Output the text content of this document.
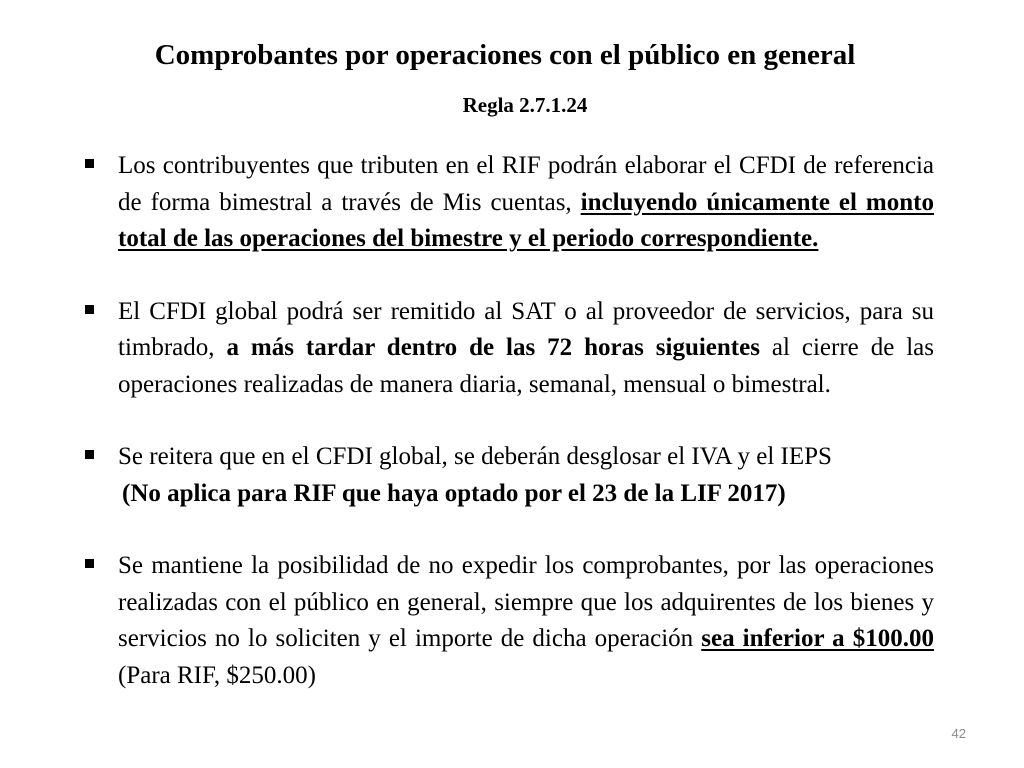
Comprobantes por operaciones con el público en general
Regla 2.7.1.24
Los contribuyentes que tributen en el RIF podrán elaborar el CFDI de referencia de forma bimestral a través de Mis cuentas, incluyendo únicamente el monto total de las operaciones del bimestre y el periodo correspondiente.
El CFDI global podrá ser remitido al SAT o al proveedor de servicios, para su timbrado, a más tardar dentro de las 72 horas siguientes al cierre de las operaciones realizadas de manera diaria, semanal, mensual o bimestral.
Se reitera que en el CFDI global, se deberán desglosar el IVA y el IEPS
(No aplica para RIF que haya optado por el 23 de la LIF 2017)
Se mantiene la posibilidad de no expedir los comprobantes, por las operaciones realizadas con el público en general, siempre que los adquirentes de los bienes y servicios no lo soliciten y el importe de dicha operación sea inferior a $100.00 (Para RIF, $250.00)
42
